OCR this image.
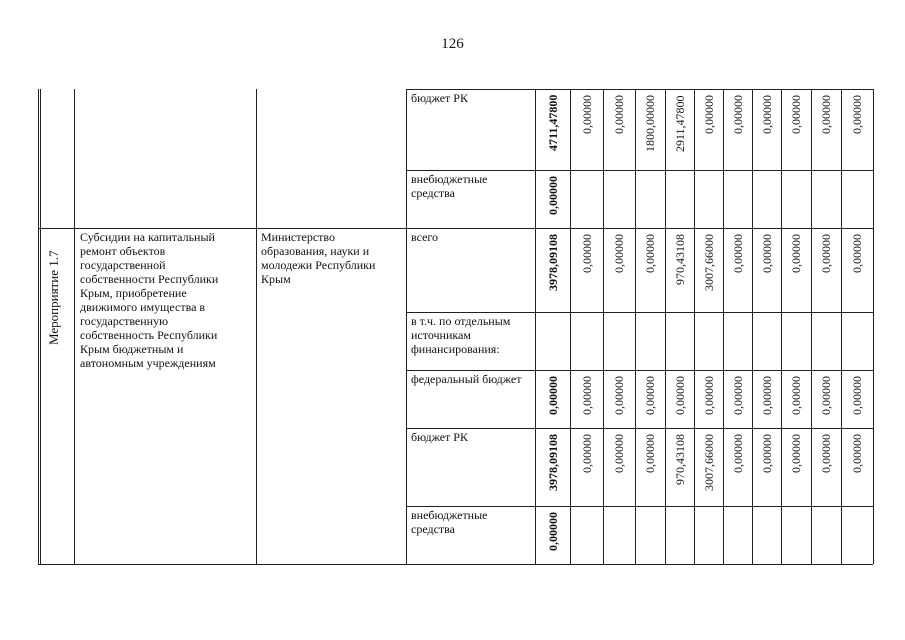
126
Мероприятие 1.7
Субсидии на капитальный
ремонт объектов
государственной
собственности Республики
Крым, приобретение
движимого имущества в
государственную
собственность Республики
Крым бюджетным и
автономным учреждениям
Министерство
образования, науки и
молодежи Республики
Крым
бюджет РК	4711,47800 0,00000 0,00000 1800,00000 2911,47800 0,00000 0,00000 0,00000 0,00000 0,00000 0,00000
внебюджетные
средства	0,00000
всего	3978,09108 0,00000 0,00000 0,00000 970,43108 3007,66000 0,00000 0,00000 0,00000 0,00000 0,00000
в т.ч. по отдельным
источникам
финансирования:
федеральный бюджет	0,00000 0,00000 0,00000 0,00000 0,00000 0,00000 0,00000 0,00000 0,00000 0,00000 0,00000
бюджет РК	3978,09108 0,00000 0,00000 0,00000 970,43108 3007,66000 0,00000 0,00000 0,00000 0,00000 0,00000
внебюджетные
средства	0,00000
